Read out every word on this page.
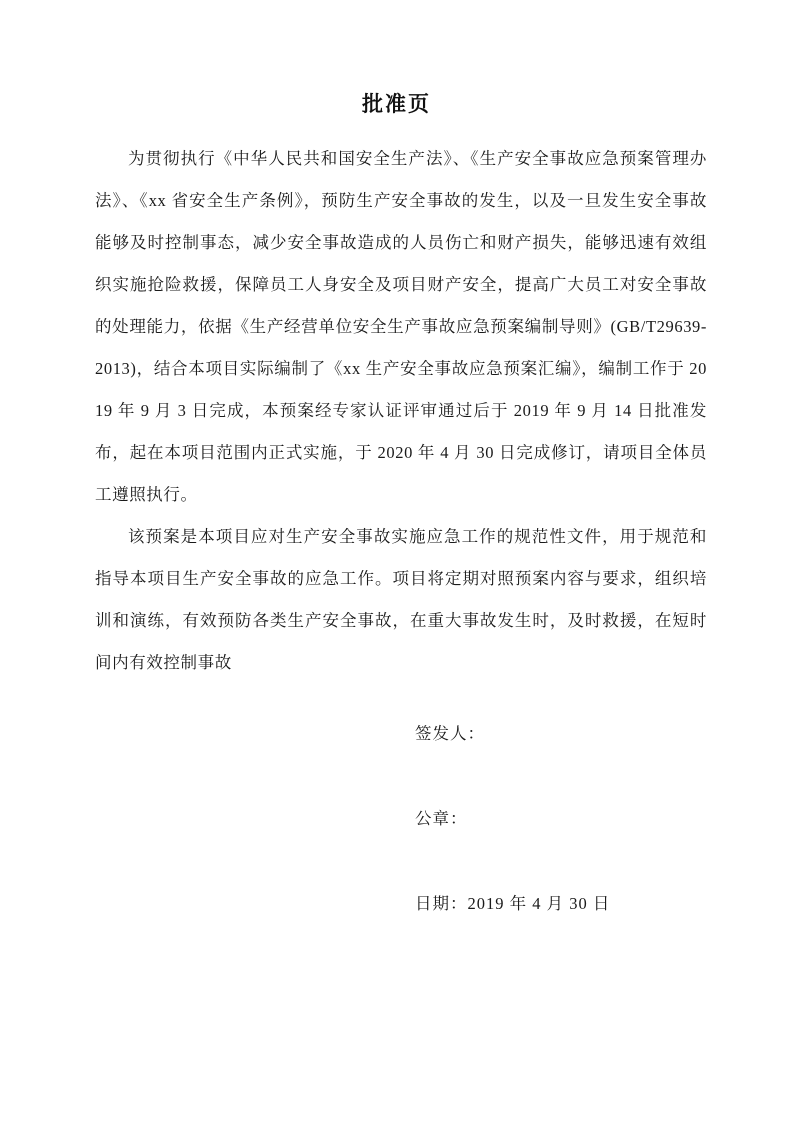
批准页

为贯彻执行《中华人民共和国安全生产法》、《生产安全事故应急预案管理办法》、《xx 省安全生产条例》，预防生产安全事故的发生，以及一旦发生安全事故能够及时控制事态，减少安全事故造成的人员伤亡和财产损失，能够迅速有效组织实施抢险救援，保障员工人身安全及项目财产安全，提高广大员工对安全事故的处理能力，依据《生产经营单位安全生产事故应急预案编制导则》(GB/T29639-2013)，结合本项目实际编制了《xx 生产安全事故应急预案汇编》，编制工作于 2019 年 9 月 3 日完成，本预案经专家认证评审通过后于 2019 年 9 月 14 日批准发布，起在本项目范围内正式实施，于 2020 年 4 月 30 日完成修订，请项目全体员工遵照执行。

该预案是本项目应对生产安全事故实施应急工作的规范性文件，用于规范和指导本项目生产安全事故的应急工作。项目将定期对照预案内容与要求，组织培训和演练，有效预防各类生产安全事故，在重大事故发生时，及时救援，在短时间内有效控制事故

签发人：
公章：
日期：2019 年 4 月 30 日
